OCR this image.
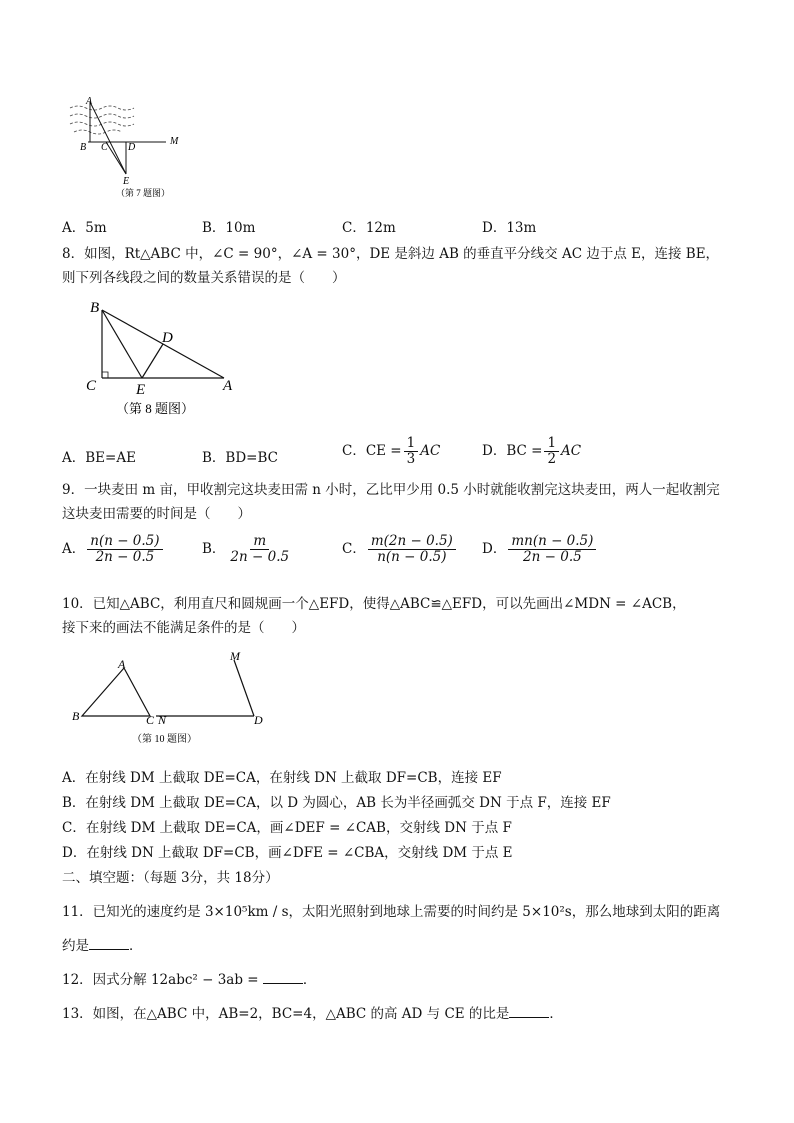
A
B C D
M
E
（第 7 题图）
A．5m	B．10m	C．12m	D．13m
8．如图，Rt△ABC 中，∠C = 90°，∠A = 30°，DE 是斜边 AB 的垂直平分线交 AC 边于点 E，连接 BE，
则下列各线段之间的数量关系错误的是（　　）
B
D
C	E	A
（第 8 题图）
A．BE=AE	B．BD=BC	C．CE = $\frac{1}{3}$ AC	D．BC = $\frac{1}{2}$ AC
9．一块麦田 m 亩，甲收割完这块麦田需 n 小时，乙比甲少用 0.5 小时就能收割完这块麦田，两人一起收割完
这块麦田需要的时间是（　　）
A． $\frac{n(n - 0.5)}{2n - 0.5}$	B． $\frac{m}{2n - 0.5}$	C． $\frac{m(2n - 0.5)}{n(n - 0.5)}$ D． $\frac{mn(n - 0.5)}{2n - 0.5}$
10．已知△ABC，利用直尺和圆规画一个△EFD，使得△ABC≌△EFD，可以先画出∠MDN = ∠ACB，
接下来的画法不能满足条件的是（　　）
A
B	C N
M
D
（第 10 题图）
A．在射线 DM 上截取 DE=CA，在射线 DN 上截取 DF=CB，连接 EF
B．在射线 DM 上截取 DE=CA，以 D 为圆心，AB 长为半径画弧交 DN 于点 F，连接 EF
C．在射线 DM 上截取 DE=CA，画∠DEF = ∠CAB，交射线 DN 于点 F
D．在射线 DN 上截取 DF=CB，画∠DFE = ∠CBA，交射线 DM 于点 E
二、填空题：（每题 3分，共 18分）
11．已知光的速度约是 3×10⁵km / s，太阳光照射到地球上需要的时间约是 5×10²s，那么地球到太阳的距离
约是	．
12．因式分解 12abc² − 3ab =	．
13．如图，在△ABC 中，AB=2，BC=4，△ABC 的高 AD 与 CE 的比是	．
